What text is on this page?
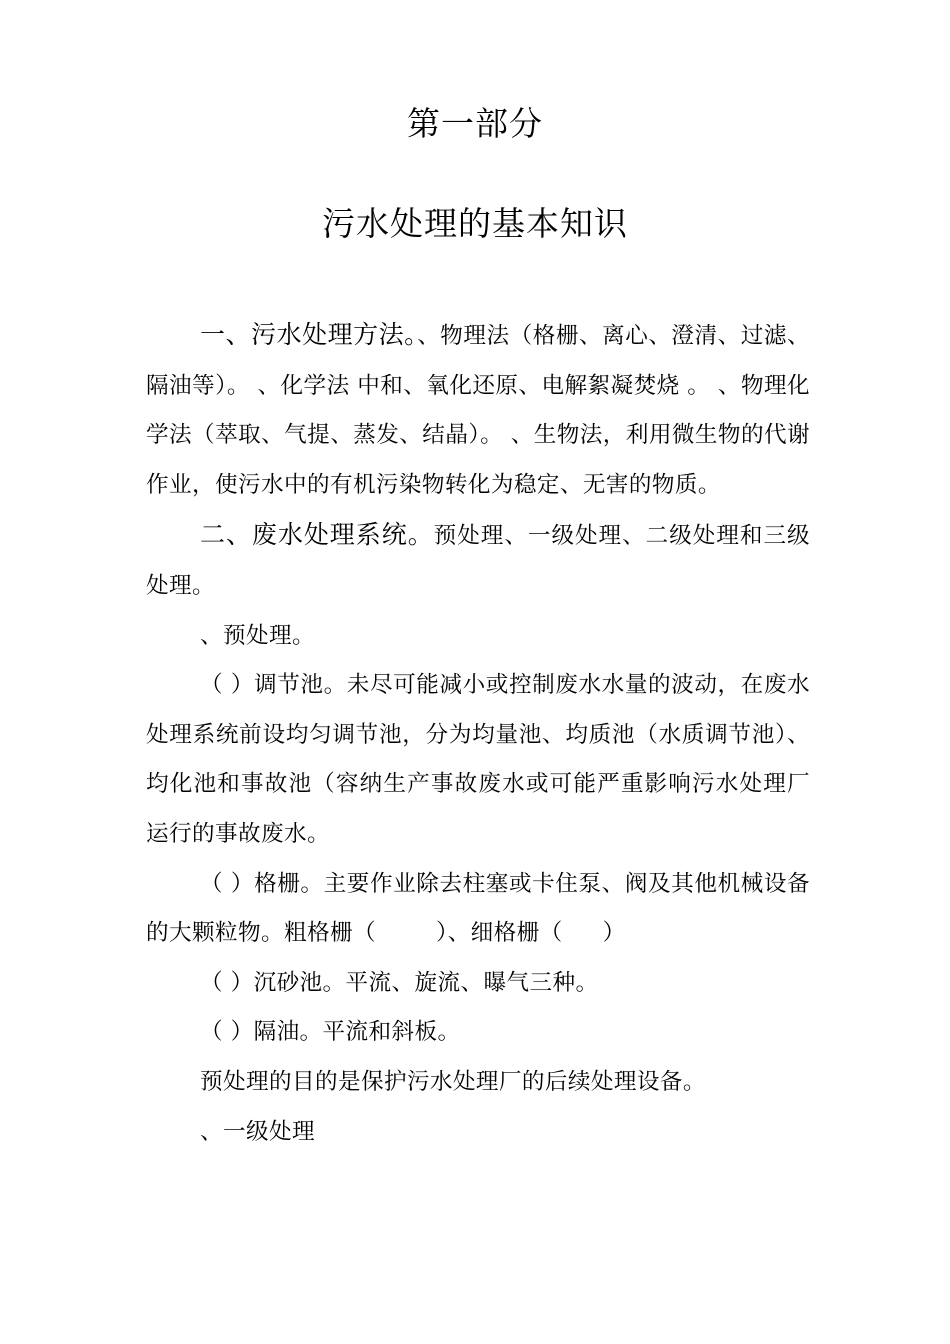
第一部分
污水处理的基本知识

一、污水处理方法。、物理法（格栅、离心、澄清、过滤、隔油等）。 、化学法 中和、氧化还原、电解絮凝焚烧 。 、物理化学法（萃取、气提、蒸发、结晶）。 、生物法，利用微生物的代谢作业，使污水中的有机污染物转化为稳定、无害的物质。

二、废水处理系统。预处理、一级处理、二级处理和三级处理。

、预处理。

（ ）调节池。未尽可能减小或控制废水水量的波动，在废水处理系统前设均匀调节池，分为均量池、均质池（水质调节池）、均化池和事故池（容纳生产事故废水或可能严重影响污水处理厂运行的事故废水。

（ ）格栅。主要作业除去柱塞或卡住泵、阀及其他机械设备的大颗粒物。粗格栅（	）、细格栅（ ）

（ ）沉砂池。平流、旋流、曝气三种。

（ ）隔油。平流和斜板。

预处理的目的是保护污水处理厂的后续处理设备。

、一级处理
